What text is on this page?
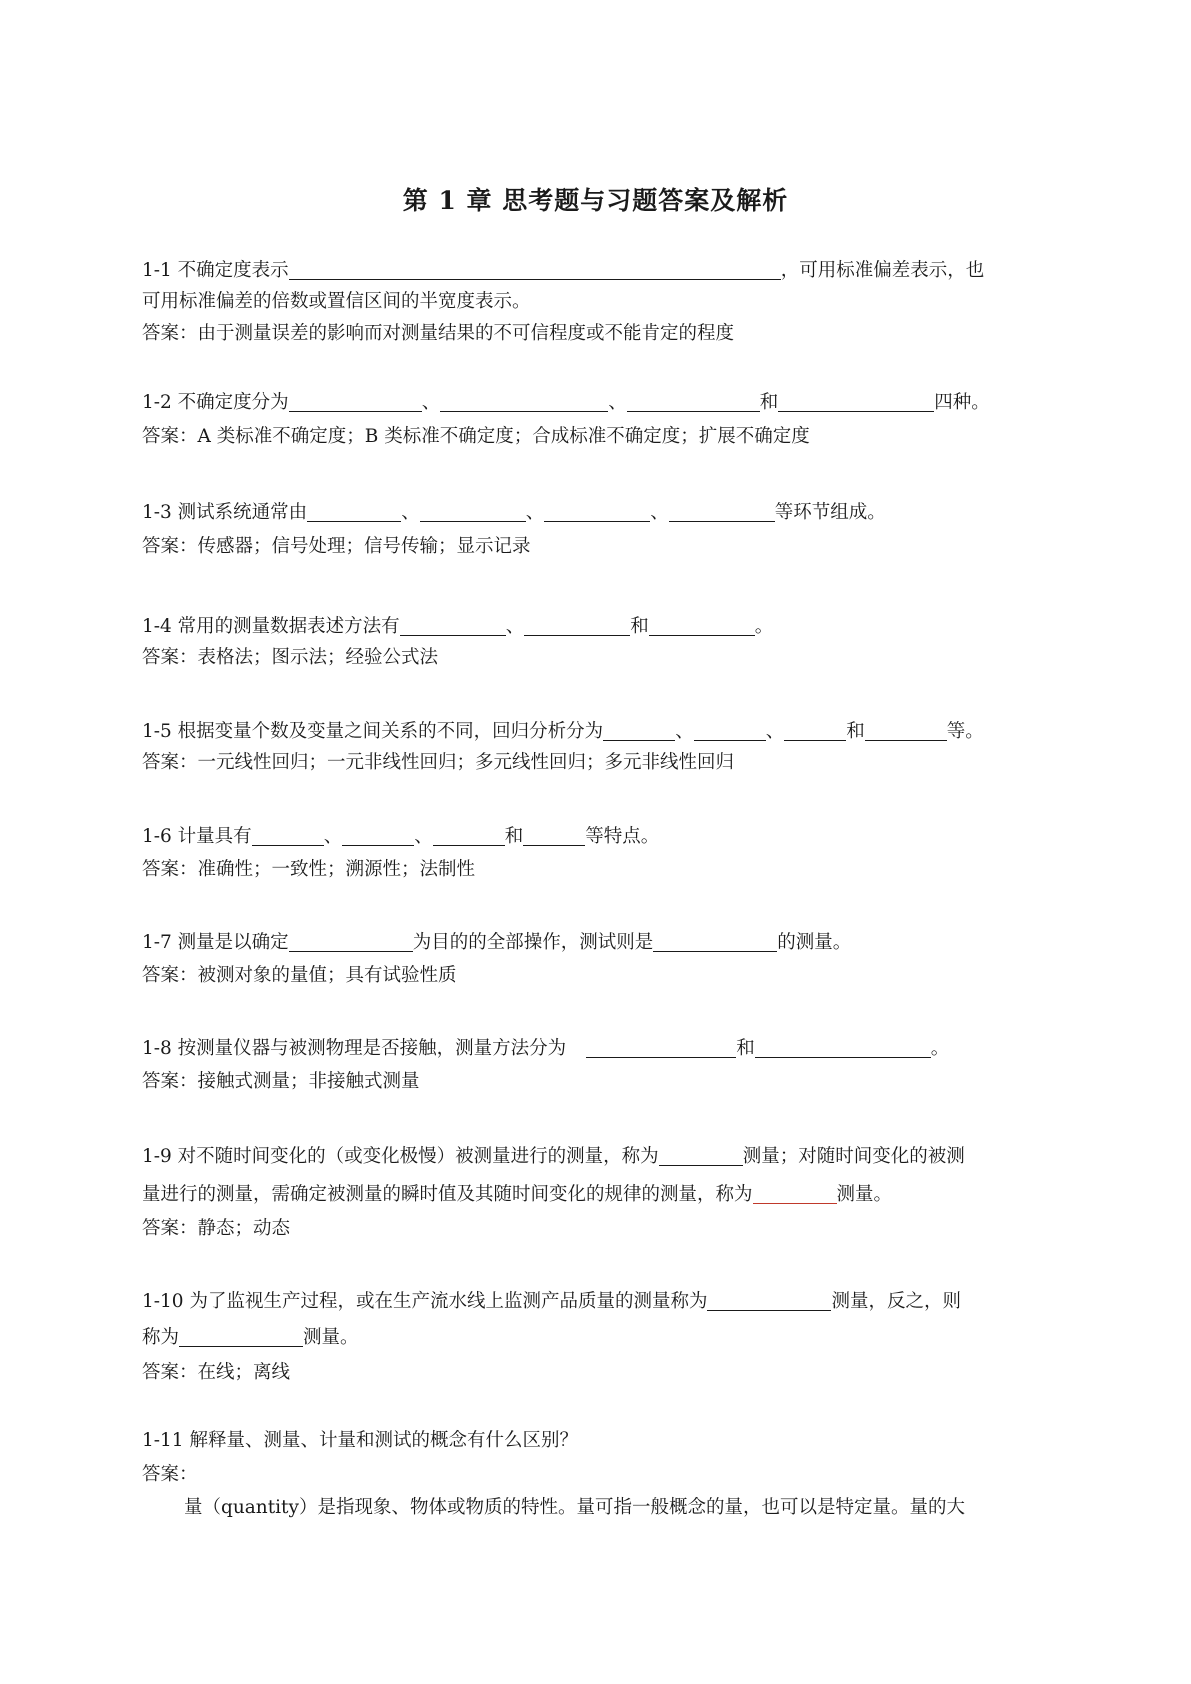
第 1 章 思考题与习题答案及解析
1-1 不确定度表示	，可用标准偏差表示，也
可用标准偏差的倍数或置信区间的半宽度表示。
答案：由于测量误差的影响而对测量结果的不可信程度或不能肯定的程度
1-2 不确定度分为	、	、	和	四种。
答案：A 类标准不确定度；B 类标准不确定度；合成标准不确定度；扩展不确定度
1-3 测试系统通常由	、	、	、	等环节组成。
答案：传感器；信号处理；信号传输；显示记录
1-4 常用的测量数据表述方法有	、	和	。
答案：表格法；图示法；经验公式法
1-5 根据变量个数及变量之间关系的不同，回归分析分为	、	、	和	等。
答案：一元线性回归；一元非线性回归；多元线性回归；多元非线性回归
1-6 计量具有	、	、	和	等特点。
答案：准确性；一致性；溯源性；法制性
1-7 测量是以确定	为目的的全部操作，测试则是	的测量。
答案：被测对象的量值；具有试验性质
1-8 按测量仪器与被测物理是否接触，测量方法分为	和	。
答案：接触式测量；非接触式测量
1-9 对不随时间变化的（或变化极慢）被测量进行的测量，称为	测量；对随时间变化的被测
量进行的测量，需确定被测量的瞬时值及其随时间变化的规律的测量，称为	测量。
答案：静态；动态
1-10 为了监视生产过程，或在生产流水线上监测产品质量的测量称为	测量，反之，则
称为	测量。
答案：在线；离线
1-11 解释量、测量、计量和测试的概念有什么区别？
答案：
量（quantity）是指现象、物体或物质的特性。量可指一般概念的量，也可以是特定量。量的大
